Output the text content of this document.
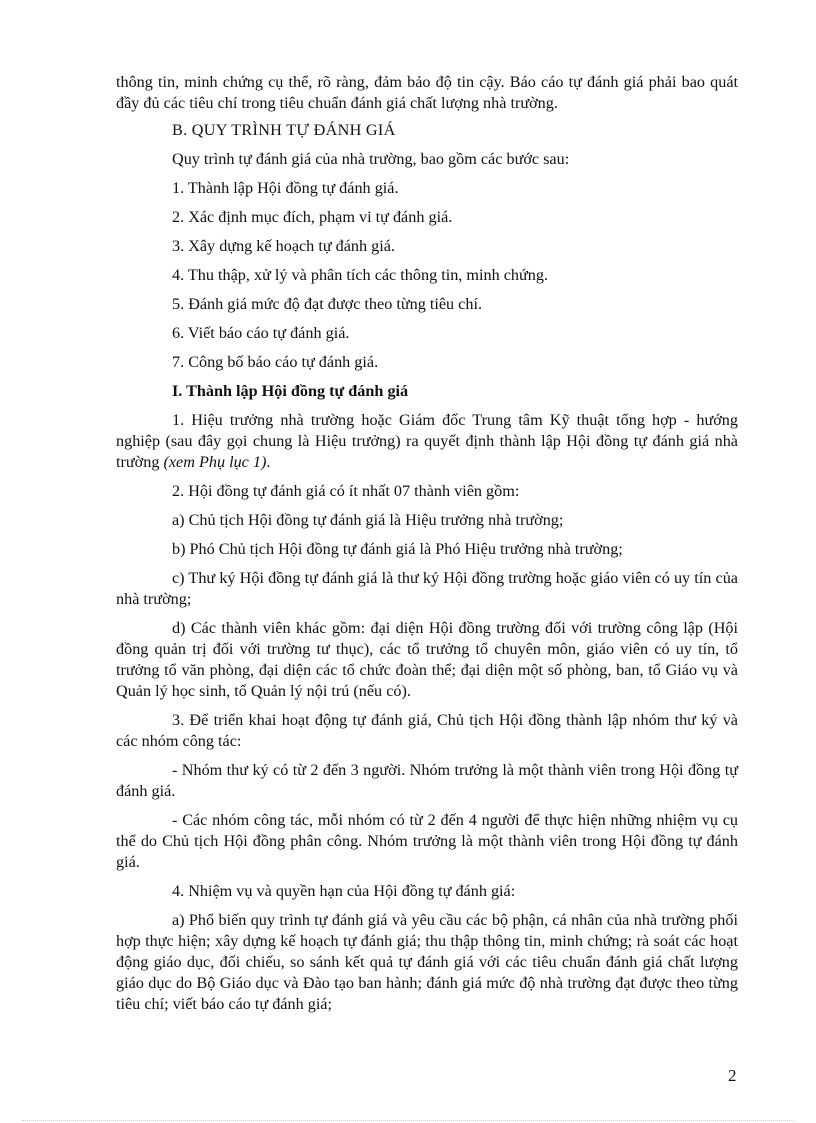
thông tin, minh chứng cụ thể, rõ ràng, đảm bảo độ tin cậy. Báo cáo tự đánh giá phải bao quát đầy đủ các tiêu chí trong tiêu chuẩn đánh giá chất lượng nhà trường.

B. QUY TRÌNH TỰ ĐÁNH GIÁ

Quy trình tự đánh giá của nhà trường, bao gồm các bước sau:

1. Thành lập Hội đồng tự đánh giá.

2. Xác định mục đích, phạm vi tự đánh giá.

3. Xây dựng kế hoạch tự đánh giá.

4. Thu thập, xử lý và phân tích các thông tin, minh chứng.

5. Đánh giá mức độ đạt được theo từng tiêu chí.

6. Viết báo cáo tự đánh giá.

7. Công bố báo cáo tự đánh giá.

I. Thành lập Hội đồng tự đánh giá

1. Hiệu trưởng nhà trường hoặc Giám đốc Trung tâm Kỹ thuật tổng hợp - hướng nghiệp (sau đây gọi chung là Hiệu trưởng) ra quyết định thành lập Hội đồng tự đánh giá nhà trường (xem Phụ lục 1).

2. Hội đồng tự đánh giá có ít nhất 07 thành viên gồm:

a) Chủ tịch Hội đồng tự đánh giá là Hiệu trưởng nhà trường;

b) Phó Chủ tịch Hội đồng tự đánh giá là Phó Hiệu trưởng nhà trường;

c) Thư ký Hội đồng tự đánh giá là thư ký Hội đồng trường hoặc giáo viên có uy tín của nhà trường;

d) Các thành viên khác gồm: đại diện Hội đồng trường đối với trường công lập (Hội đồng quản trị đối với trường tư thục), các tổ trưởng tổ chuyên môn, giáo viên có uy tín, tổ trưởng tổ văn phòng, đại diện các tổ chức đoàn thể; đại diện một số phòng, ban, tổ Giáo vụ và Quản lý học sinh, tổ Quản lý nội trú (nếu có).

3. Để triển khai hoạt động tự đánh giá, Chủ tịch Hội đồng thành lập nhóm thư ký và các nhóm công tác:

- Nhóm thư ký có từ 2 đến 3 người. Nhóm trưởng là một thành viên trong Hội đồng tự đánh giá.

- Các nhóm công tác, mỗi nhóm có từ 2 đến 4 người để thực hiện những nhiệm vụ cụ thể do Chủ tịch Hội đồng phân công. Nhóm trưởng là một thành viên trong Hội đồng tự đánh giá.

4. Nhiệm vụ và quyền hạn của Hội đồng tự đánh giá:

a) Phổ biến quy trình tự đánh giá và yêu cầu các bộ phận, cá nhân của nhà trường phối hợp thực hiện; xây dựng kế hoạch tự đánh giá; thu thập thông tin, minh chứng; rà soát các hoạt động giáo dục, đối chiếu, so sánh kết quả tự đánh giá với các tiêu chuẩn đánh giá chất lượng giáo dục do Bộ Giáo dục và Đào tạo ban hành; đánh giá mức độ nhà trường đạt được theo từng tiêu chí; viết báo cáo tự đánh giá;

2
